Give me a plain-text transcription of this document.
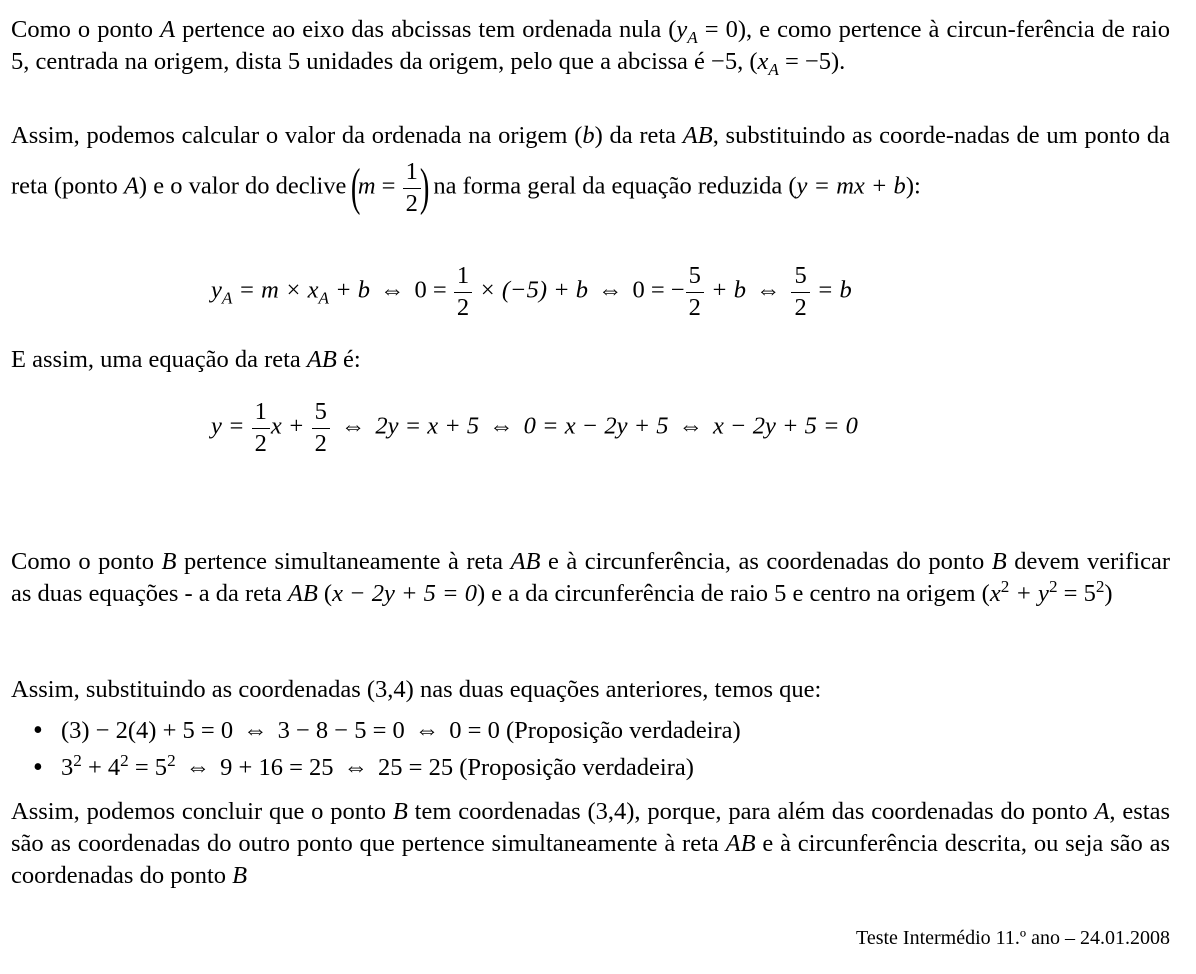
Como o ponto A pertence ao eixo das abcissas tem ordenada nula $(y_A = 0)$, e como pertence à circun-ferência de raio 5, centrada na origem, dista 5 unidades da origem, pelo que a abcissa é −5, $(x_A = -5)$.

Assim, podemos calcular o valor da ordenada na origem (b) da reta AB, substituindo as coorde-nadas de um ponto da reta (ponto A) e o valor do declive ($m = \frac{1}{2}$
) na forma geral da equação reduzida (y = mx + b):

$y_A = m \times x_A + b$ ⇔ $0 = \frac{1}{2} \times (-5) + b$ ⇔ 0 = − $\frac{5}{2} + b$ ⇔ $\frac{5}{2} = b$

E assim, uma equação da reta AB é:

$y = \frac{1}{2}$ $x + \frac{5}{2}$ ⇔ 2y = x + 5 ⇔ 0 = x − 2y + 5 ⇔ x − 2y + 5 = 0

Como o ponto B pertence simultaneamente à reta AB e à circunferência, as coordenadas do ponto B devem verificar as duas equações - a da reta AB (x − 2y + 5 = 0) e a da circunferência de raio 5 e centro na origem $(x^2 + y^2 = 5^2)$

Assim, substituindo as coordenadas (3,4) nas duas equações anteriores, temos que:

• (3) − 2(4) + 5 = 0 ⇔ 3 − 8 − 5 = 0 ⇔ 0 = 0 (Proposição verdadeira)
• $3^2 + 4^2 = 5^2$ ⇔ 9 + 16 = 25 ⇔ 25 = 25 (Proposição verdadeira)

Assim, podemos concluir que o ponto B tem coordenadas (3,4), porque, para além das coordenadas do ponto A, estas são as coordenadas do outro ponto que pertence simultaneamente à reta AB e à circunferência descrita, ou seja são as coordenadas do ponto B

Teste Intermédio 11.º ano – 24.01.2008
